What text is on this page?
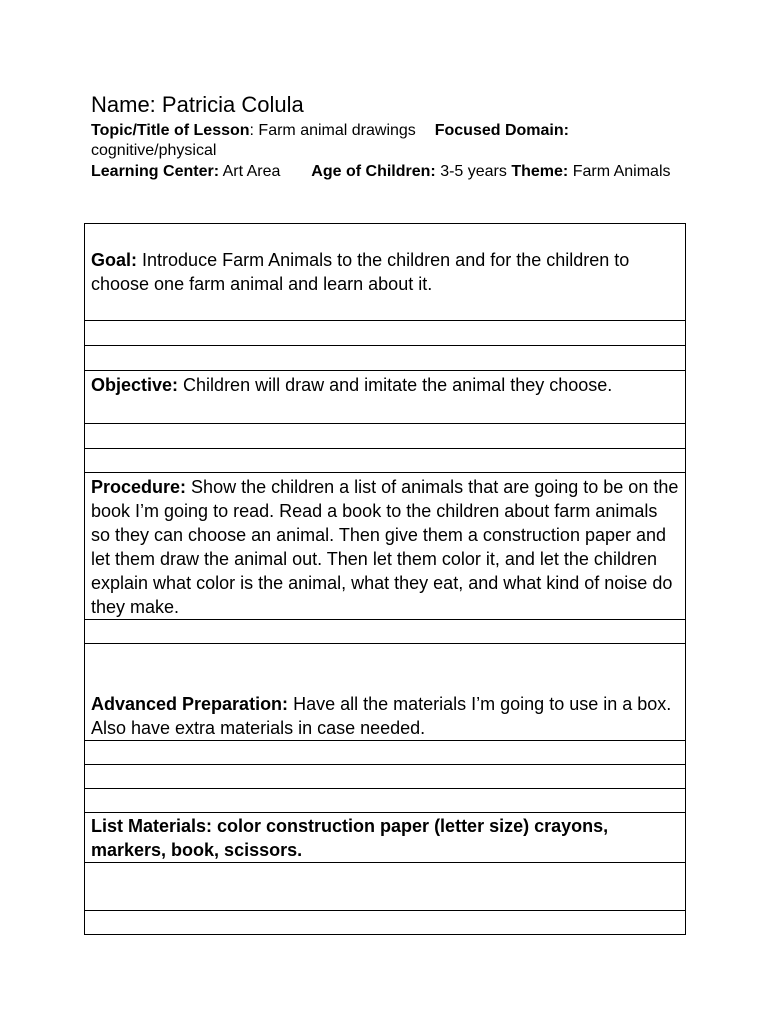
Name: Patricia Colula
Topic/Title of Lesson: Farm animal drawings Focused Domain:
cognitive/physical
Learning Center: Art Area Age of Children: 3-5 years Theme: Farm Animals
Goal: Introduce Farm Animals to the children and for the children to choose one farm animal and learn about it.

Objective: Children will draw and imitate the animal they choose.

Procedure: Show the children a list of animals that are going to be on the book I’m going to read. Read a book to the children about farm animals so they can choose an animal. Then give them a construction paper and let them draw the animal out. Then let them color it, and let the children explain what color is the animal, what they eat, and what kind of noise do they make.

Advanced Preparation: Have all the materials I’m going to use in a box. Also have extra materials in case needed.

List Materials: color construction paper (letter size) crayons, markers, book, scissors.
